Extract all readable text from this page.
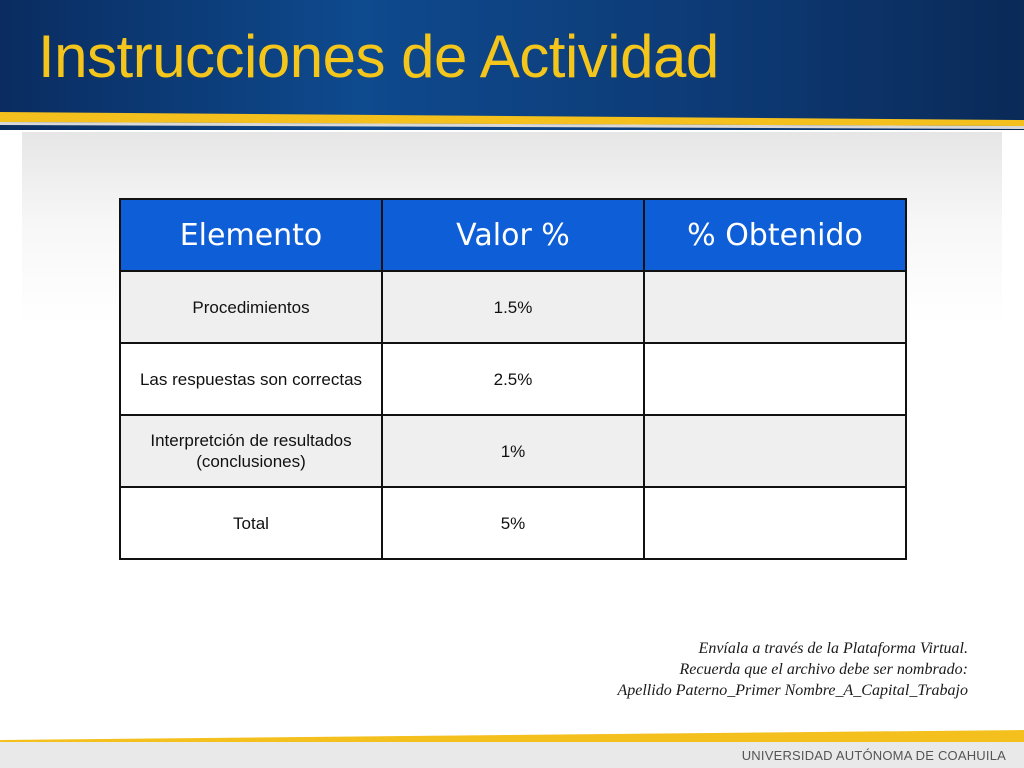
Instrucciones de Actividad
Elemento	Valor %	% Obtenido
Procedimientos	1.5%	
Las respuestas son correctas	2.5%	
Interpretción de resultados (conclusiones)	1%	
Total	5%	
Envíala a través de la Plataforma Virtual.
Recuerda que el archivo debe ser nombrado:
Apellido Paterno_Primer Nombre_A_Capital_Trabajo
UNIVERSIDAD AUTÓNOMA DE COAHUILA
